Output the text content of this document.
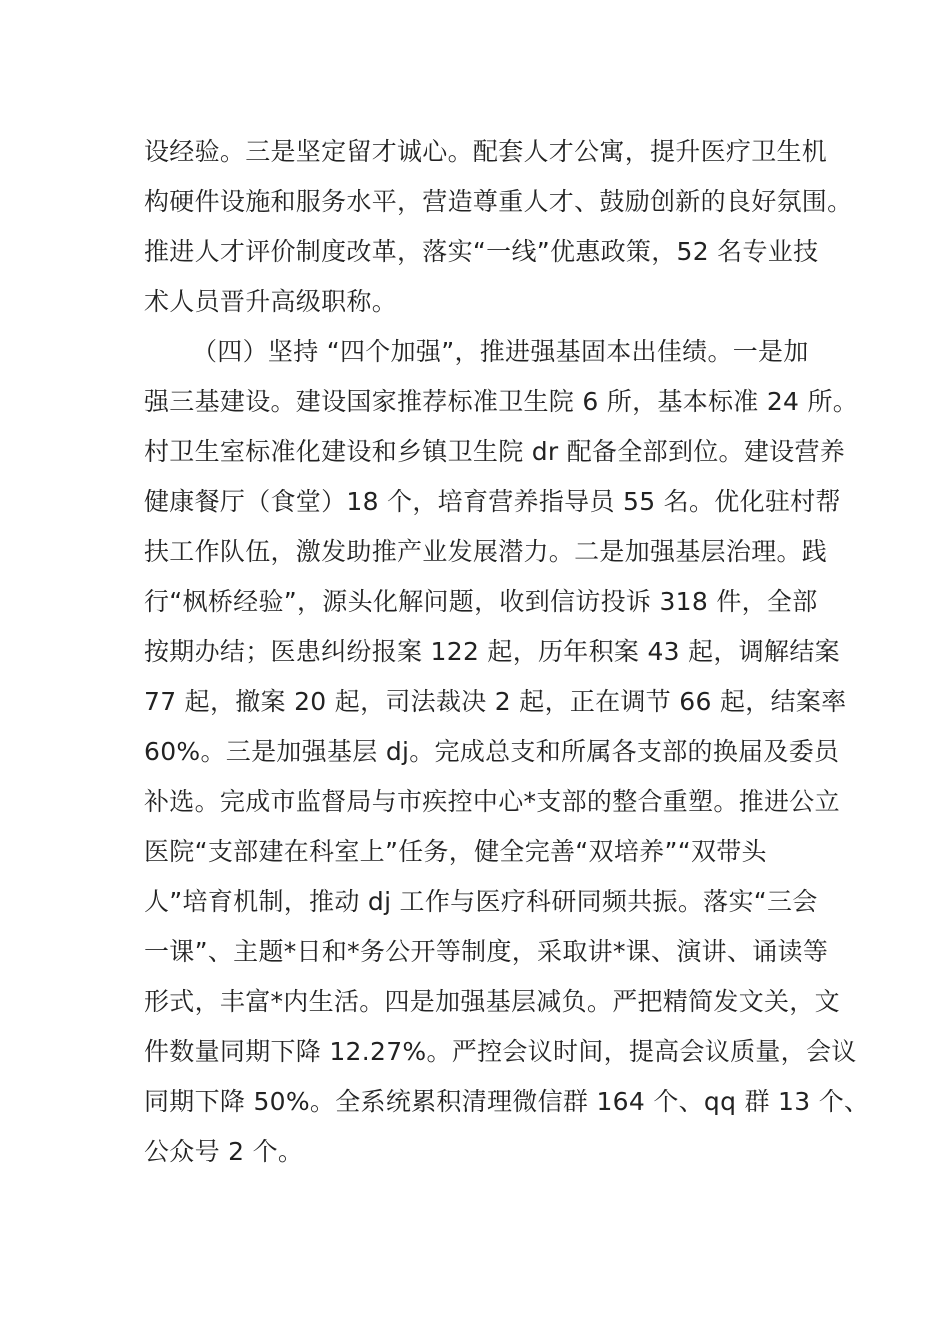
设经验。三是坚定留才诚心。配套人才公寓，提升医疗卫生机
构硬件设施和服务水平，营造尊重人才、鼓励创新的良好氛围。
推进人才评价制度改革，落实“一线”优惠政策，52 名专业技
术人员晋升高级职称。
（四）坚持 “四个加强”，推进强基固本出佳绩。一是加
强三基建设。建设国家推荐标准卫生院 6 所，基本标准 24 所。
村卫生室标准化建设和乡镇卫生院 dr 配备全部到位。建设营养
健康餐厅（食堂）18 个，培育营养指导员 55 名。优化驻村帮
扶工作队伍，激发助推产业发展潜力。二是加强基层治理。践
行“枫桥经验”，源头化解问题，收到信访投诉 318 件，全部
按期办结；医患纠纷报案 122 起，历年积案 43 起，调解结案
77 起，撤案 20 起，司法裁决 2 起，正在调节 66 起，结案率
60%。三是加强基层 dj。完成总支和所属各支部的换届及委员
补选。完成市监督局与市疾控中心*支部的整合重塑。推进公立
医院“支部建在科室上”任务，健全完善“双培养”“双带头
人”培育机制，推动 dj 工作与医疗科研同频共振。落实“三会
一课”、主题*日和*务公开等制度，采取讲*课、演讲、诵读等
形式，丰富*内生活。四是加强基层减负。严把精简发文关，文
件数量同期下降 12.27%。严控会议时间，提高会议质量，会议
同期下降 50%。全系统累积清理微信群 164 个、qq 群 13 个、
公众号 2 个。
